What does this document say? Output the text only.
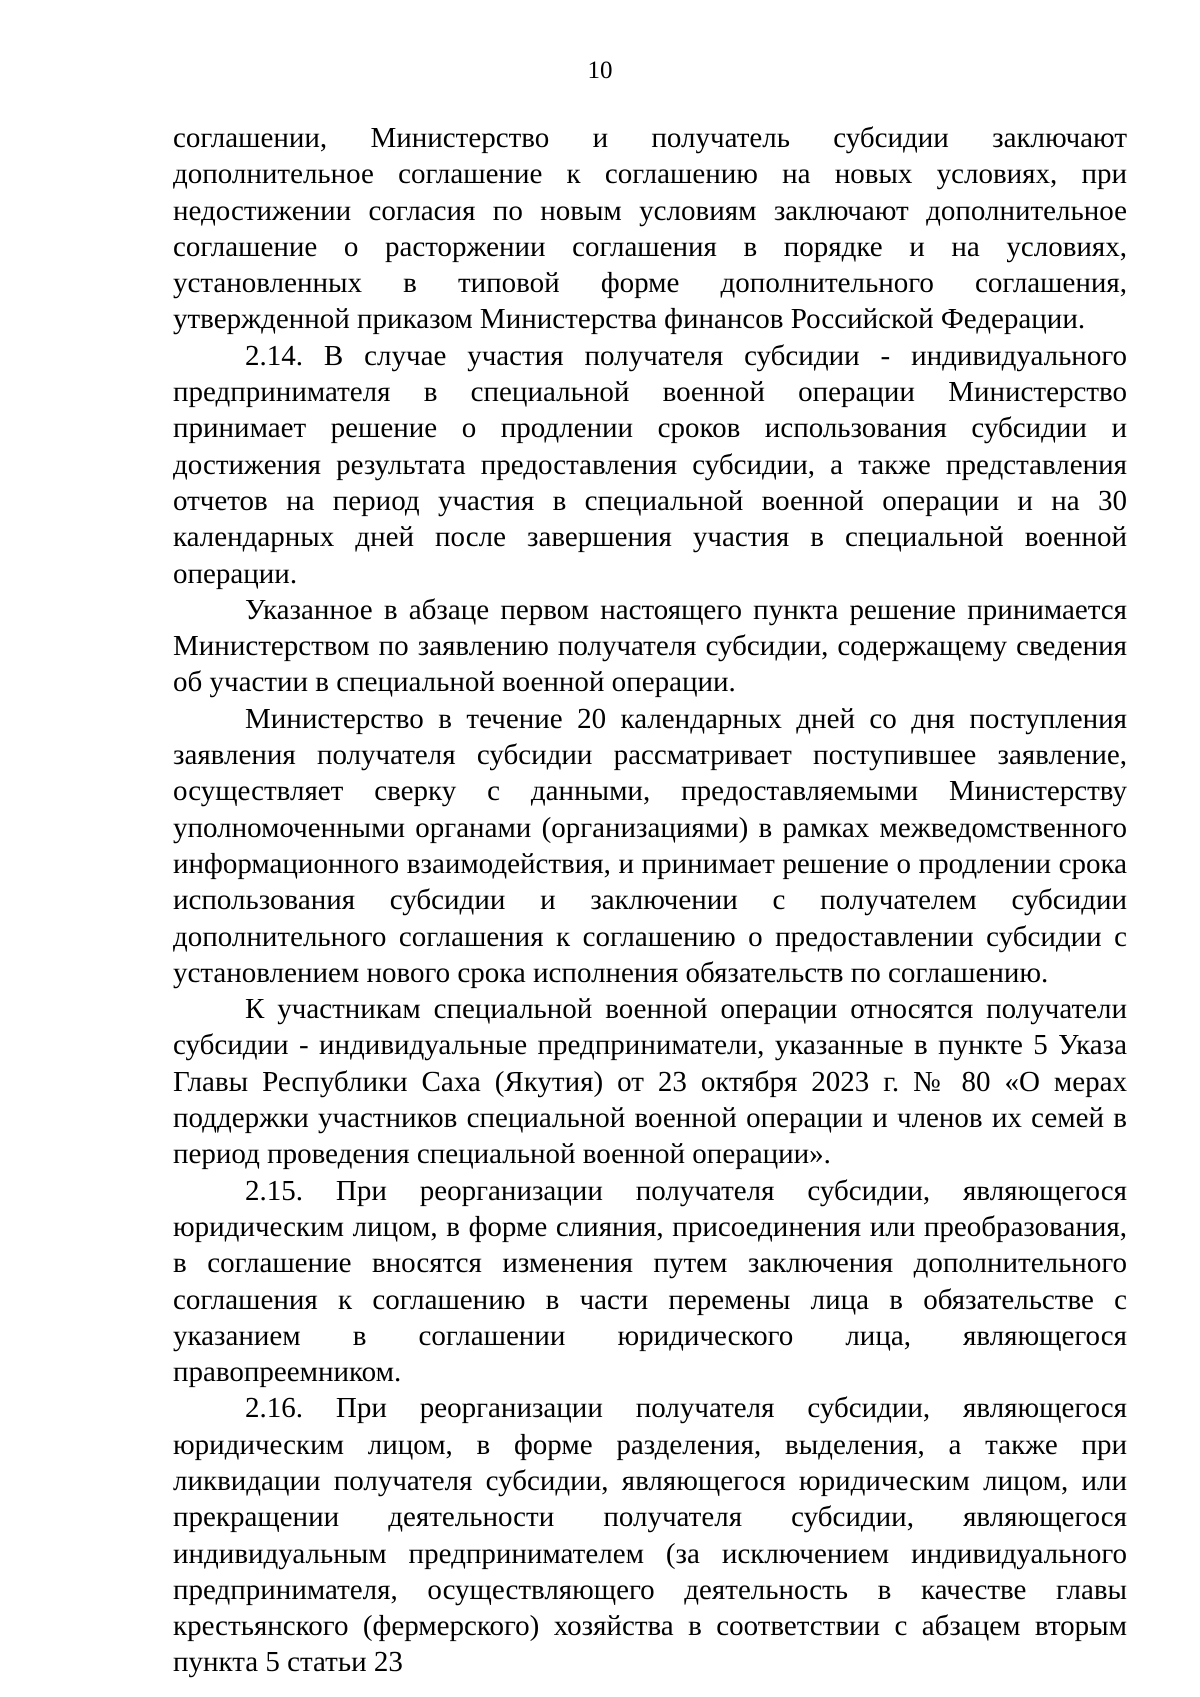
10

соглашении, Министерство и получатель субсидии заключают дополнительное соглашение к соглашению на новых условиях, при недостижении согласия по новым условиям заключают дополнительное соглашение о расторжении соглашения в порядке и на условиях, установленных в типовой форме дополнительного соглашения, утвержденной приказом Министерства финансов Российской Федерации.

2.14. В случае участия получателя субсидии - индивидуального предпринимателя в специальной военной операции Министерство принимает решение о продлении сроков использования субсидии и достижения результата предоставления субсидии, а также представления отчетов на период участия в специальной военной операции и на 30 календарных дней после завершения участия в специальной военной операции.

Указанное в абзаце первом настоящего пункта решение принимается Министерством по заявлению получателя субсидии, содержащему сведения об участии в специальной военной операции.

Министерство в течение 20 календарных дней со дня поступления заявления получателя субсидии рассматривает поступившее заявление, осуществляет сверку с данными, предоставляемыми Министерству уполномоченными органами (организациями) в рамках межведомственного информационного взаимодействия, и принимает решение о продлении срока использования субсидии и заключении с получателем субсидии дополнительного соглашения к соглашению о предоставлении субсидии с установлением нового срока исполнения обязательств по соглашению.

К участникам специальной военной операции относятся получатели субсидии - индивидуальные предприниматели, указанные в пункте 5 Указа Главы Республики Саха (Якутия) от 23 октября 2023 г. № 80 «О мерах поддержки участников специальной военной операции и членов их семей в период проведения специальной военной операции».

2.15. При реорганизации получателя субсидии, являющегося юридическим лицом, в форме слияния, присоединения или преобразования, в соглашение вносятся изменения путем заключения дополнительного соглашения к соглашению в части перемены лица в обязательстве с указанием в соглашении юридического лица, являющегося правопреемником.

2.16. При реорганизации получателя субсидии, являющегося юридическим лицом, в форме разделения, выделения, а также при ликвидации получателя субсидии, являющегося юридическим лицом, или прекращении деятельности получателя субсидии, являющегося индивидуальным предпринимателем (за исключением индивидуального предпринимателя, осуществляющего деятельность в качестве главы крестьянского (фермерского) хозяйства в соответствии с абзацем вторым пункта 5 статьи 23
